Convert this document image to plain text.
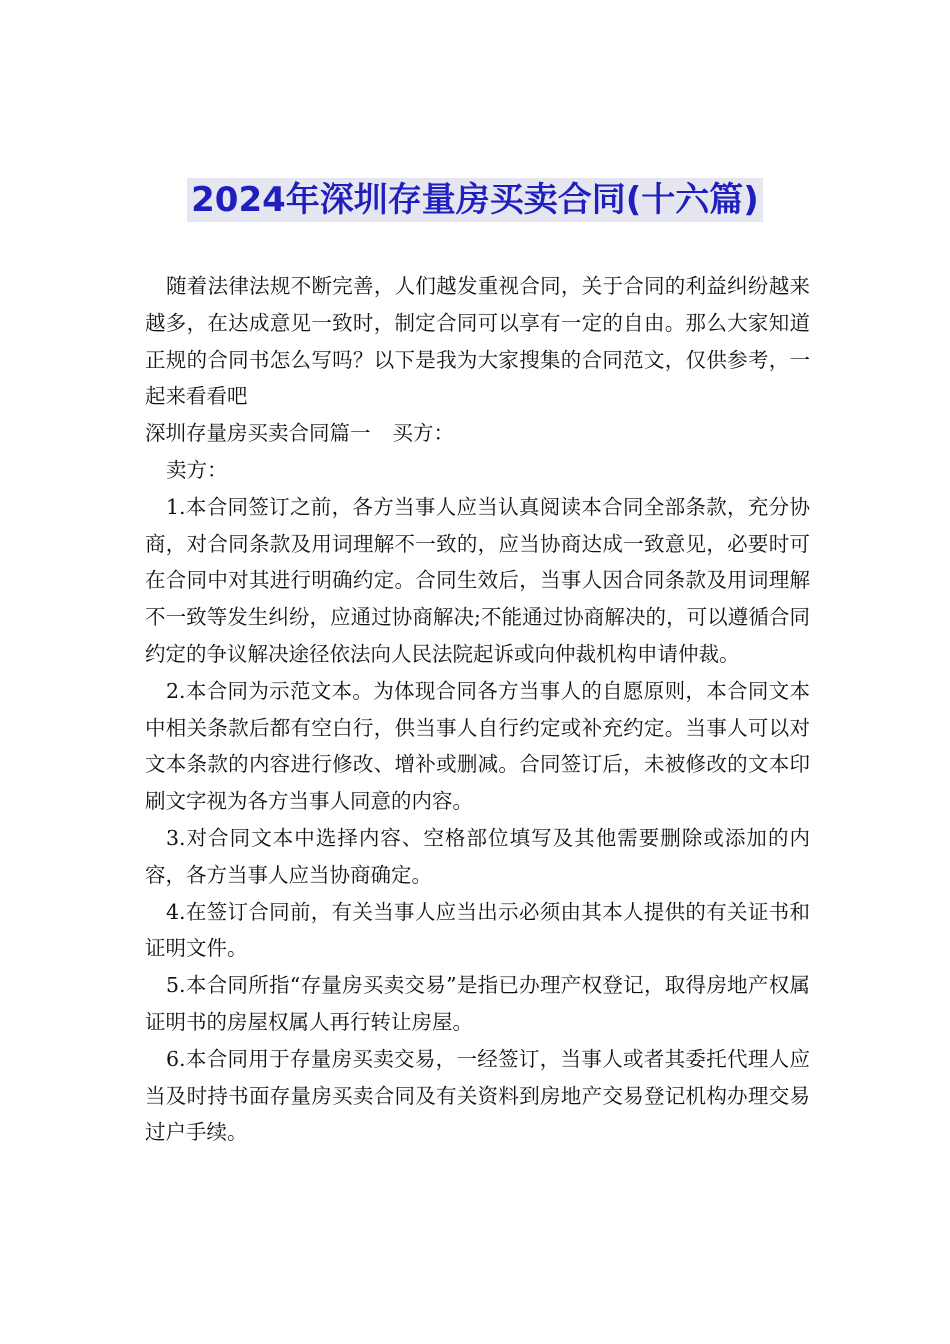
2024年深圳存量房买卖合同(十六篇)

随着法律法规不断完善，人们越发重视合同，关于合同的利益纠纷越来越多，在达成意见一致时，制定合同可以享有一定的自由。那么大家知道正规的合同书怎么写吗？以下是我为大家搜集的合同范文，仅供参考，一起来看看吧

深圳存量房买卖合同篇一 买方：

卖方：

1.本合同签订之前，各方当事人应当认真阅读本合同全部条款，充分协商，对合同条款及用词理解不一致的，应当协商达成一致意见，必要时可在合同中对其进行明确约定。合同生效后，当事人因合同条款及用词理解不一致等发生纠纷，应通过协商解决;不能通过协商解决的，可以遵循合同约定的争议解决途径依法向人民法院起诉或向仲裁机构申请仲裁。

2.本合同为示范文本。为体现合同各方当事人的自愿原则，本合同文本中相关条款后都有空白行，供当事人自行约定或补充约定。当事人可以对文本条款的内容进行修改、增补或删减。合同签订后，未被修改的文本印刷文字视为各方当事人同意的内容。

3.对合同文本中选择内容、空格部位填写及其他需要删除或添加的内容，各方当事人应当协商确定。

4.在签订合同前，有关当事人应当出示必须由其本人提供的有关证书和证明文件。

5.本合同所指“存量房买卖交易”是指已办理产权登记，取得房地产权属证明书的房屋权属人再行转让房屋。

6.本合同用于存量房买卖交易，一经签订，当事人或者其委托代理人应当及时持书面存量房买卖合同及有关资料到房地产交易登记机构办理交易过户手续。
